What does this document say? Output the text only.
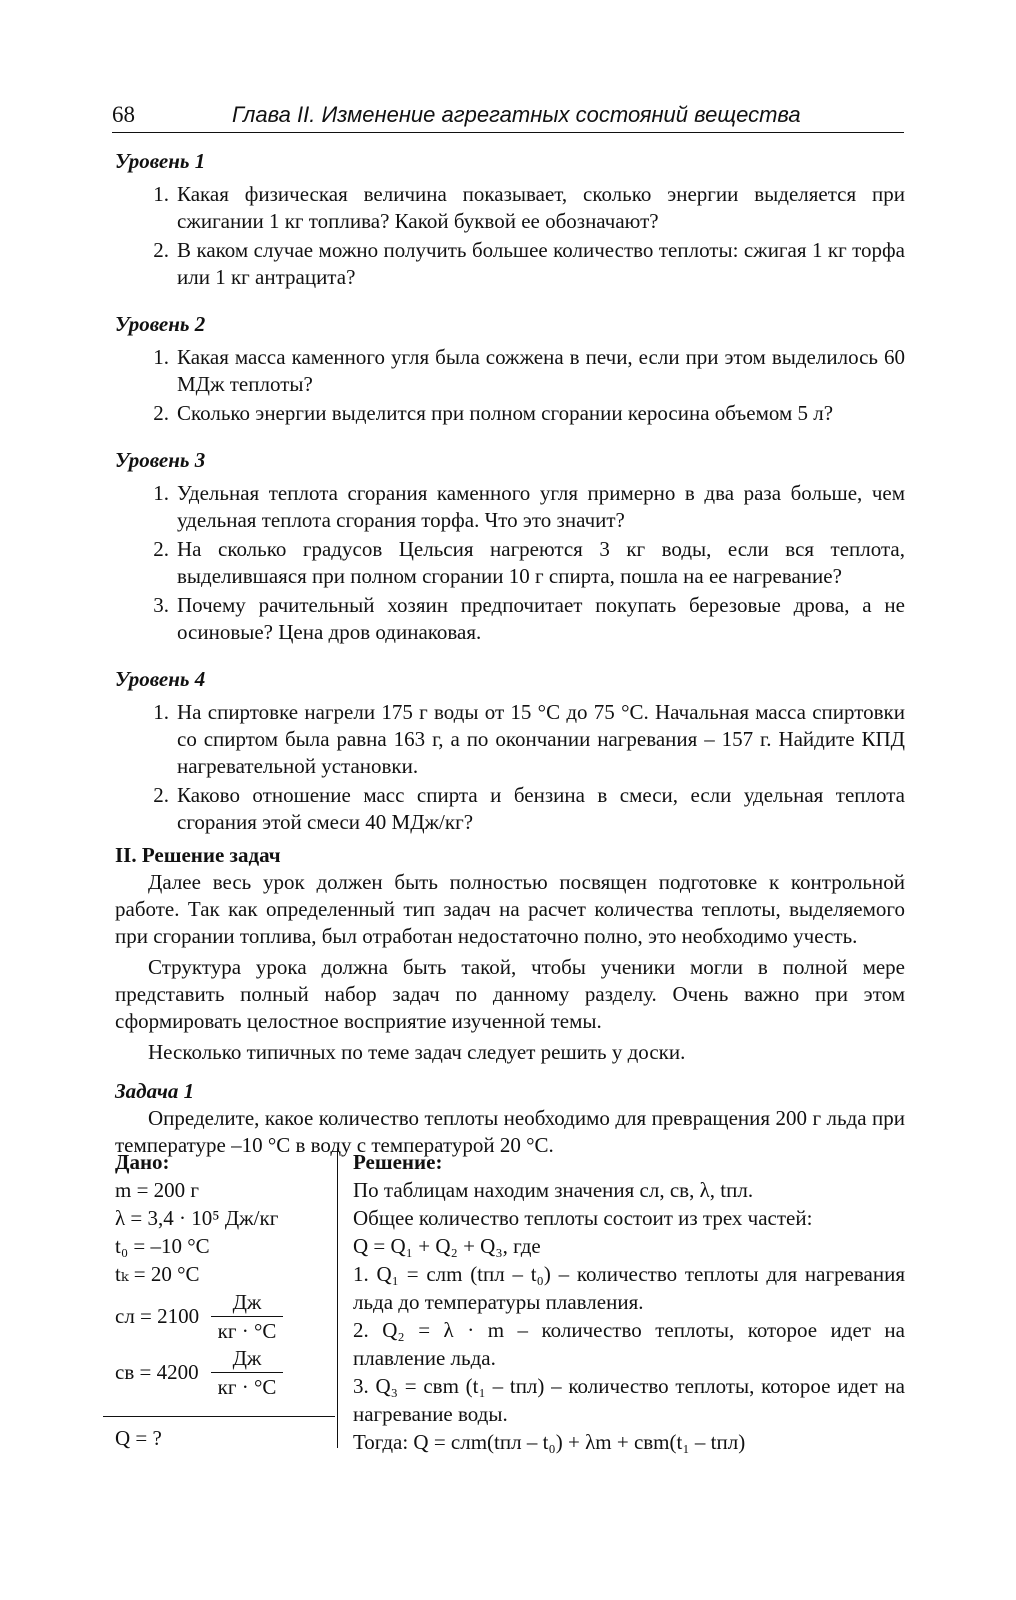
68	Глава II. Изменение агрегатных состояний вещества
Уровень 1
1. Какая физическая величина показывает, сколько энергии выделяется при сжигании 1 кг топлива? Какой буквой ее обозначают?
2. В каком случае можно получить большее количество теплоты: сжигая 1 кг торфа или 1 кг антрацита?
Уровень 2
1. Какая масса каменного угля была сожжена в печи, если при этом выделилось 60 МДж теплоты?
2. Сколько энергии выделится при полном сгорании керосина объемом 5 л?
Уровень 3
1. Удельная теплота сгорания каменного угля примерно в два раза больше, чем удельная теплота сгорания торфа. Что это значит?
2. На сколько градусов Цельсия нагреются 3 кг воды, если вся теплота, выделившаяся при полном сгорании 10 г спирта, пошла на ее нагревание?
3. Почему рачительный хозяин предпочитает покупать березовые дрова, а не осиновые? Цена дров одинаковая.
Уровень 4
1. На спиртовке нагрели 175 г воды от 15 °С до 75 °С. Начальная масса спиртовки со спиртом была равна 163 г, а по окончании нагревания – 157 г. Найдите КПД нагревательной установки.
2. Каково отношение масс спирта и бензина в смеси, если удельная теплота сгорания этой смеси 40 МДж/кг?
II. Решение задач

Далее весь урок должен быть полностью посвящен подготовке к контрольной работе. Так как определенный тип задач на расчет количества теплоты, выделяемого при сгорании топлива, был отработан недостаточно полно, это необходимо учесть.

Структура урока должна быть такой, чтобы ученики могли в полной мере представить полный набор задач по данному разделу. Очень важно при этом сформировать целостное восприятие изученной темы.

Несколько типичных по теме задач следует решить у доски.

Задача 1

Определите, какое количество теплоты необходимо для превращения 200 г льда при температуре –10 °С в воду с температурой 20 °С.

Дано:
m = 200 г
λ = 3,4 · 10⁵ Дж/кг
t₀ = –10 °С
tₖ = 20 °С
cл = 2100
Дж
кг · °С
cв = 4200
Дж
кг · °С
Q = ?
Решение:
По таблицам находим значения cл, cв, λ, tпл.
Общее количество теплоты состоит из трех частей:
Q = Q₁ + Q₂ + Q₃, где
1. Q₁ = cлm (tпл – t₀) – количество теплоты для нагревания льда до температуры плавления.
2. Q₂ = λ · m – количество теплоты, которое идет на плавление льда.
3. Q₃ = cвm (t₁ – tпл) – количество теплоты, которое идет на нагревание воды.
Тогда: Q = cлm(tпл – t₀) + λm + cвm(t₁ – tпл)
